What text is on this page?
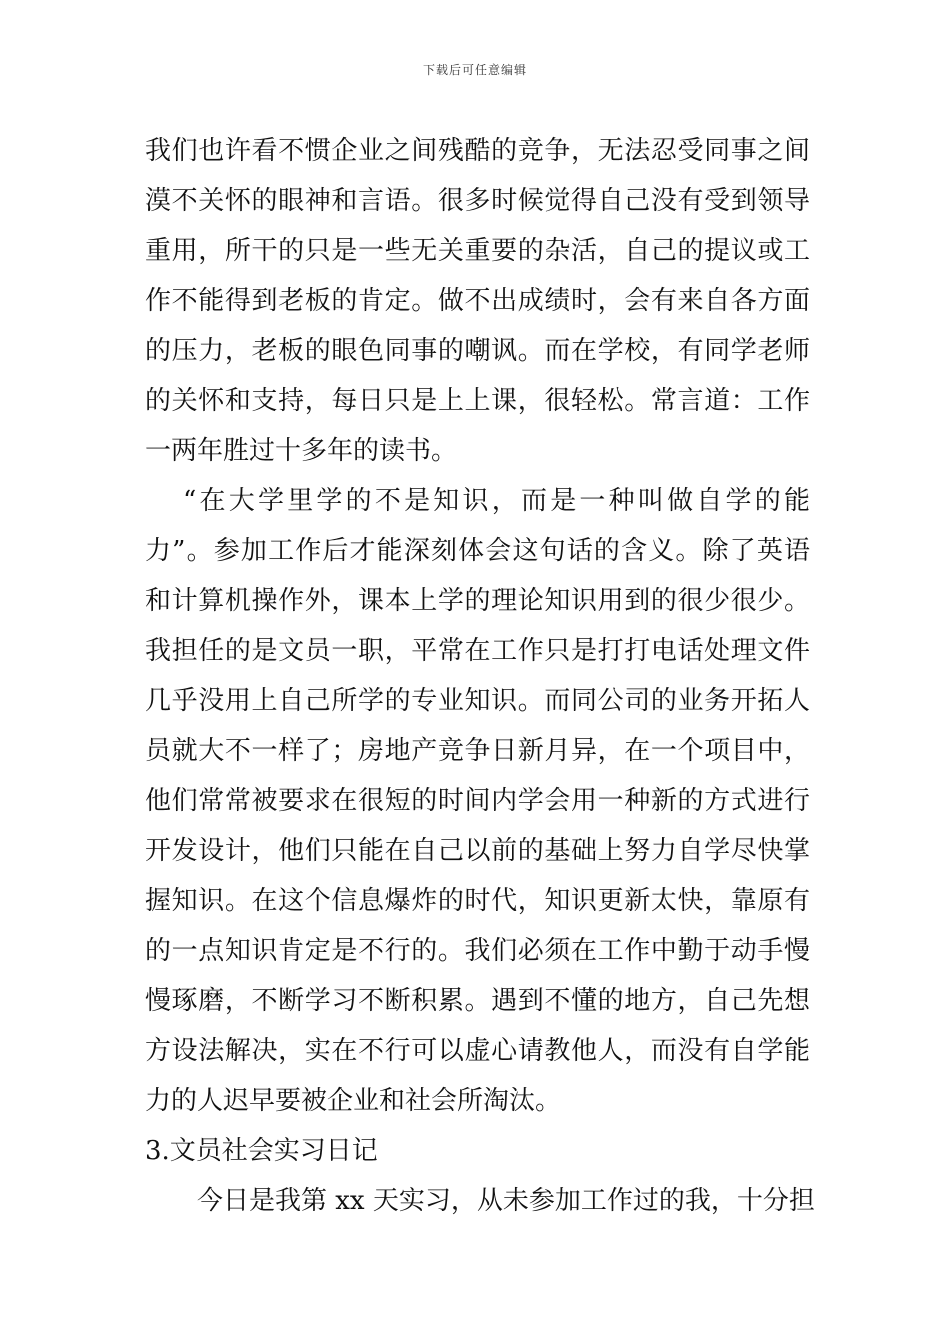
下载后可任意编辑
我们也许看不惯企业之间残酷的竞争，无法忍受同事之间
漠不关怀的眼神和言语。很多时候觉得自己没有受到领导
重用，所干的只是一些无关重要的杂活，自己的提议或工
作不能得到老板的肯定。做不出成绩时，会有来自各方面
的压力，老板的眼色同事的嘲讽。而在学校，有同学老师
的关怀和支持，每日只是上上课，很轻松。常言道：工作
一两年胜过十多年的读书。
“在大学里学的不是知识，而是一种叫做自学的能
力”。参加工作后才能深刻体会这句话的含义。除了英语
和计算机操作外，课本上学的理论知识用到的很少很少。
我担任的是文员一职，平常在工作只是打打电话处理文件
几乎没用上自己所学的专业知识。而同公司的业务开拓人
员就大不一样了；房地产竞争日新月异，在一个项目中，
他们常常被要求在很短的时间内学会用一种新的方式进行
开发设计，他们只能在自己以前的基础上努力自学尽快掌
握知识。在这个信息爆炸的时代，知识更新太快，靠原有
的一点知识肯定是不行的。我们必须在工作中勤于动手慢
慢琢磨，不断学习不断积累。遇到不懂的地方，自己先想
方设法解决，实在不行可以虚心请教他人，而没有自学能
力的人迟早要被企业和社会所淘汰。
3.文员社会实习日记
今日是我第 xx 天实习，从未参加工作过的我，十分担
